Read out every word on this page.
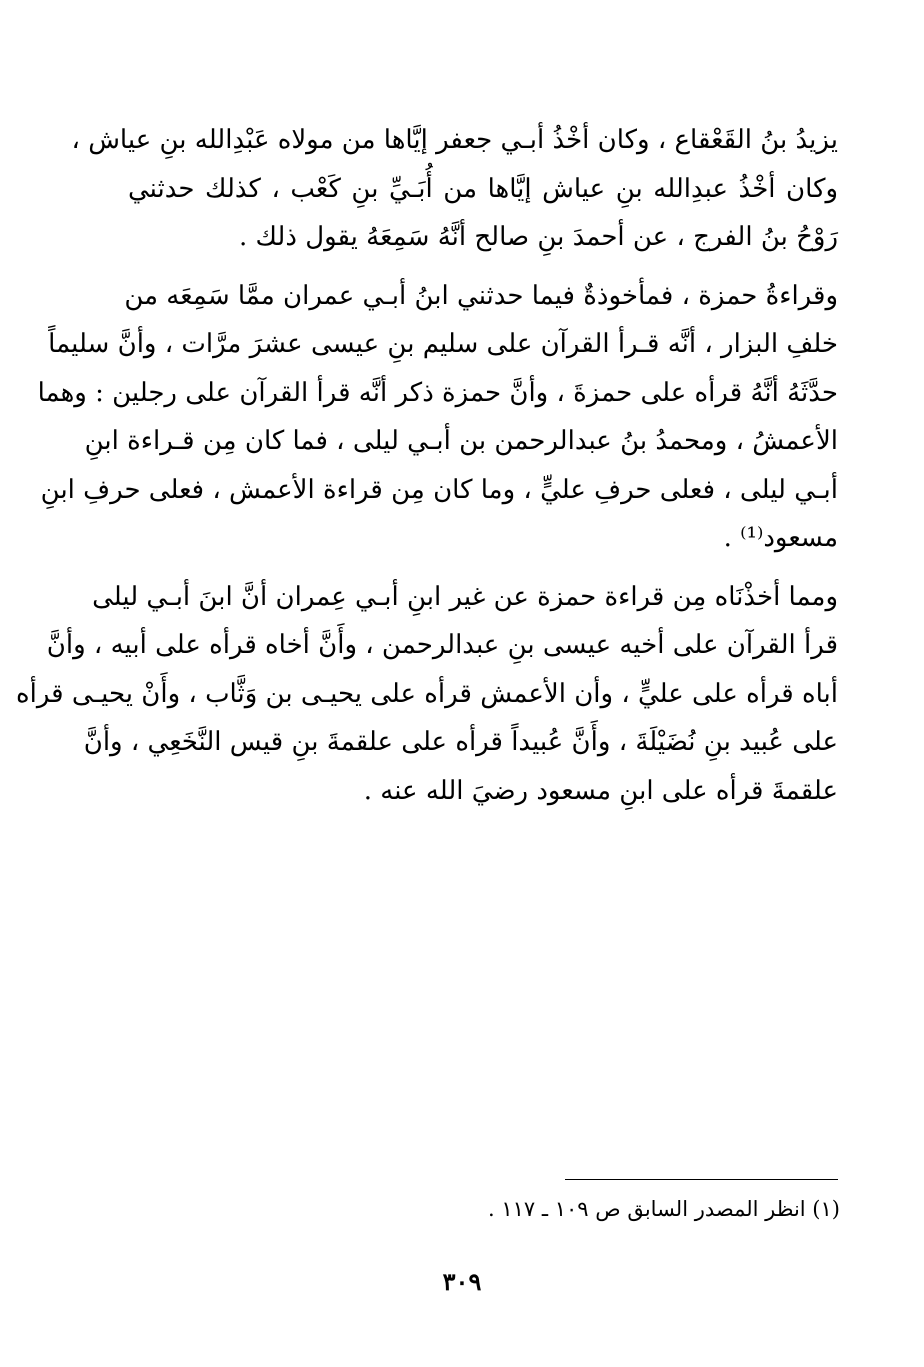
يزيدُ بنُ القَعْقاع ، وكان أخْذُ أبـي جعفر إيَّاها من مولاه عَبْدِالله بنِ عياش ،
وكان أخْذُ عبدِالله بنِ عياش إيَّاها من أُبَـيِّ بنِ كَعْب ، كذلك حدثني
رَوْحُ بنُ الفرج ، عن أحمدَ بنِ صالح أنَّهُ سَمِعَهُ يقول ذلك .
وقراءةُ حمزة ، فمأخوذةٌ فيما حدثني ابنُ أبـي عمران ممَّا سَمِعَه من
خلفِ البزار ، أنَّه قـرأ القرآن على سليم بنِ عيسى عشرَ مرَّات ، وأنَّ سليماً
حدَّثَهُ أنَّهُ قرأه على حمزةَ ، وأنَّ حمزة ذكر أنَّه قرأ القرآن على رجلين : وهما
الأعمشُ ، ومحمدُ بنُ عبدالرحمن بن أبـي ليلى ، فما كان مِن قـراءة ابنِ
أبـي ليلى ، فعلى حرفِ عليٍّ ، وما كان مِن قراءة الأعمش ، فعلى حرفِ ابنِ
مسعود⁽¹⁾ .
ومما أخذْنَاه مِن قراءة حمزة عن غير ابنِ أبـي عِمران أنَّ ابنَ أبـي ليلى
قرأ القرآن على أخيه عيسى بنِ عبدالرحمن ، وأَنَّ أخاه قرأه على أبيه ، وأنَّ
أباه قرأه على عليٍّ ، وأن الأعمش قرأه على يحيـى بن وَثَّاب ، وأَنْ يحيـى قرأه
على عُبيد بنِ نُضَيْلَةَ ، وأَنَّ عُبيداً قرأه على علقمةَ بنِ قيس النَّخَعِي ، وأنَّ
علقمةَ قرأه على ابنِ مسعود رضيَ الله عنه .
(١) انظر المصدر السابق ص ١٠٩ ـ ١١٧ .
٣٠٩
